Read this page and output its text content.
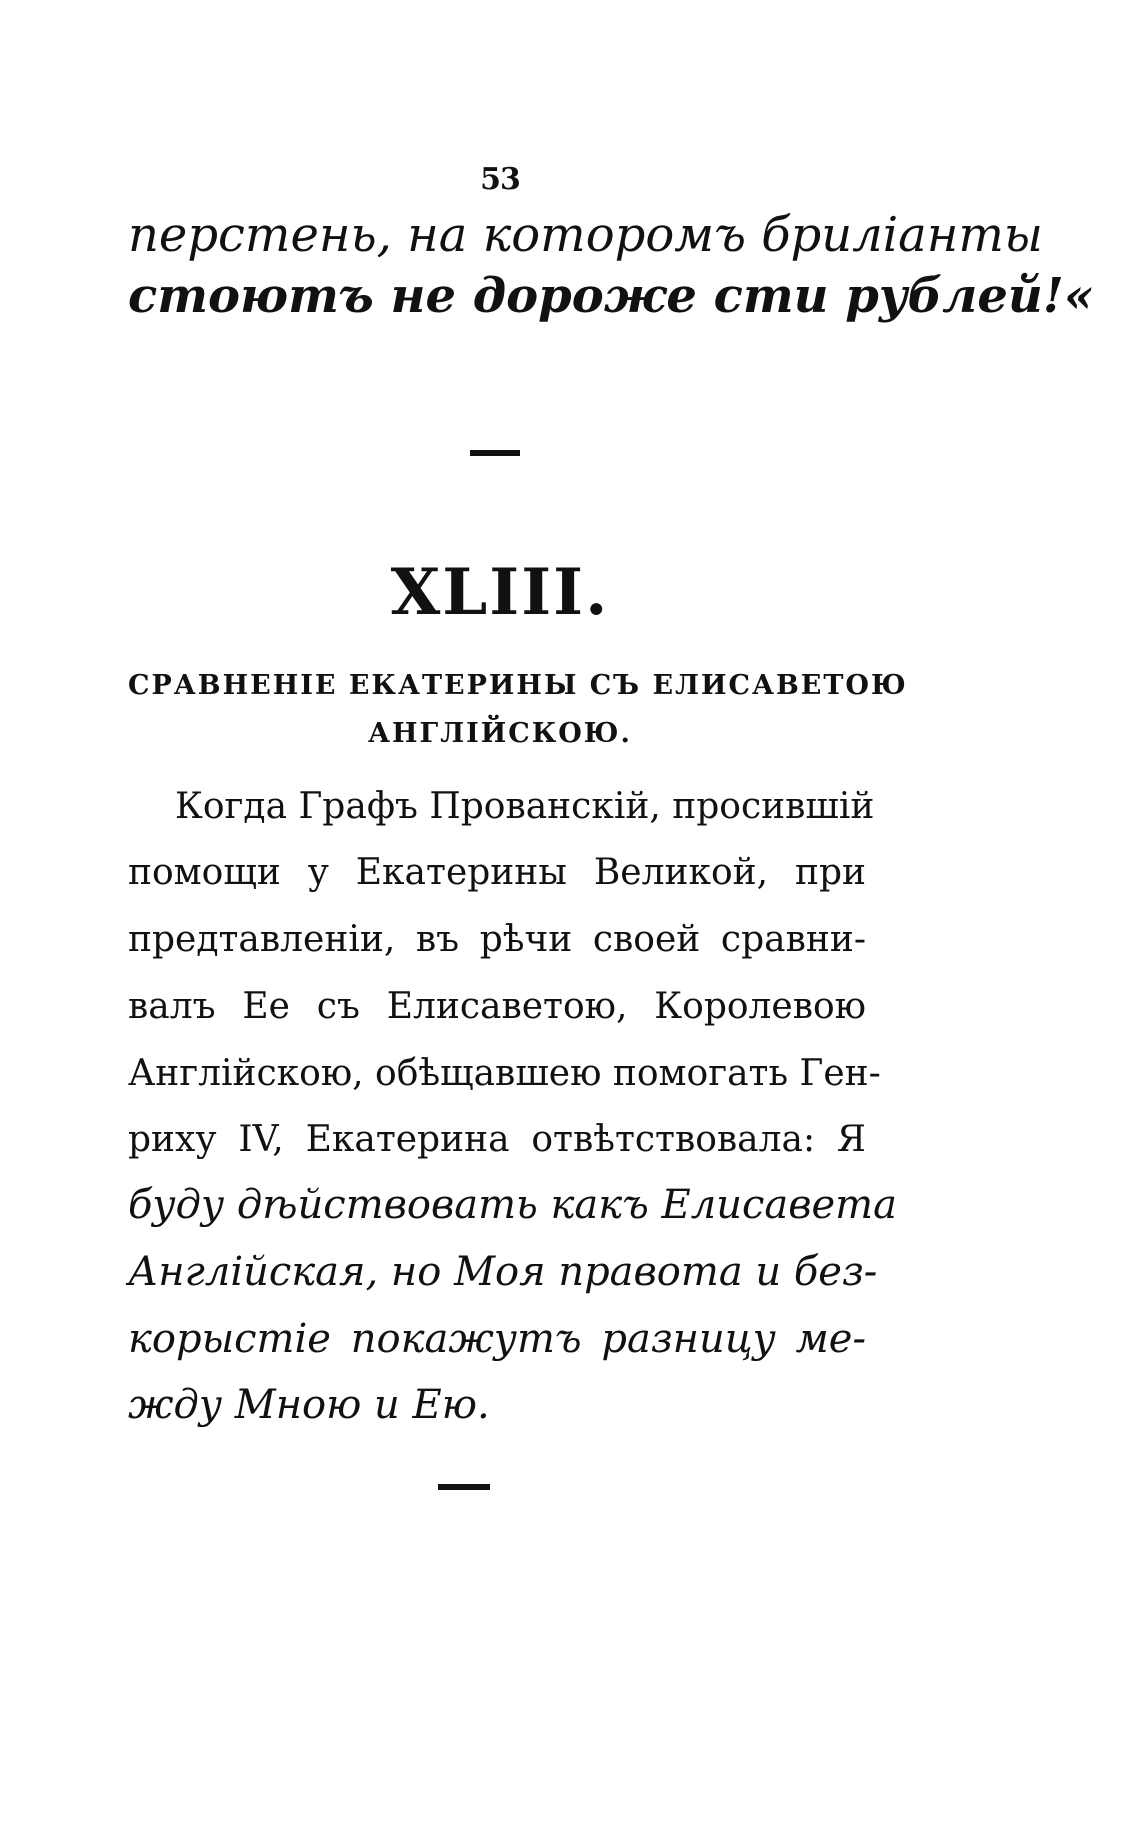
53
перстень, на которомъ бриліанты
стоютъ не дороже сти рублей!«
XLIII.
СРАВНЕНІЕ ЕКАТЕРИНЫ СЪ ЕЛИСАВЕТОЮ
АНГЛІЙСКОЮ.
Когда Графъ Прованскій, просившій
помощи у Екатерины Великой, при
предтавленіи, въ рѣчи своей сравни-
валъ Ее съ Елисаветою, Королевою
Англійскою, обѣщавшею помогать Ген-
риху IV, Екатерина отвѣтствовала: Я
буду дѣйствовать какъ Елисавета
Англійская, но Моя правота и без-
корыстіе покажутъ разницу ме-
жду Мною и Ею.
